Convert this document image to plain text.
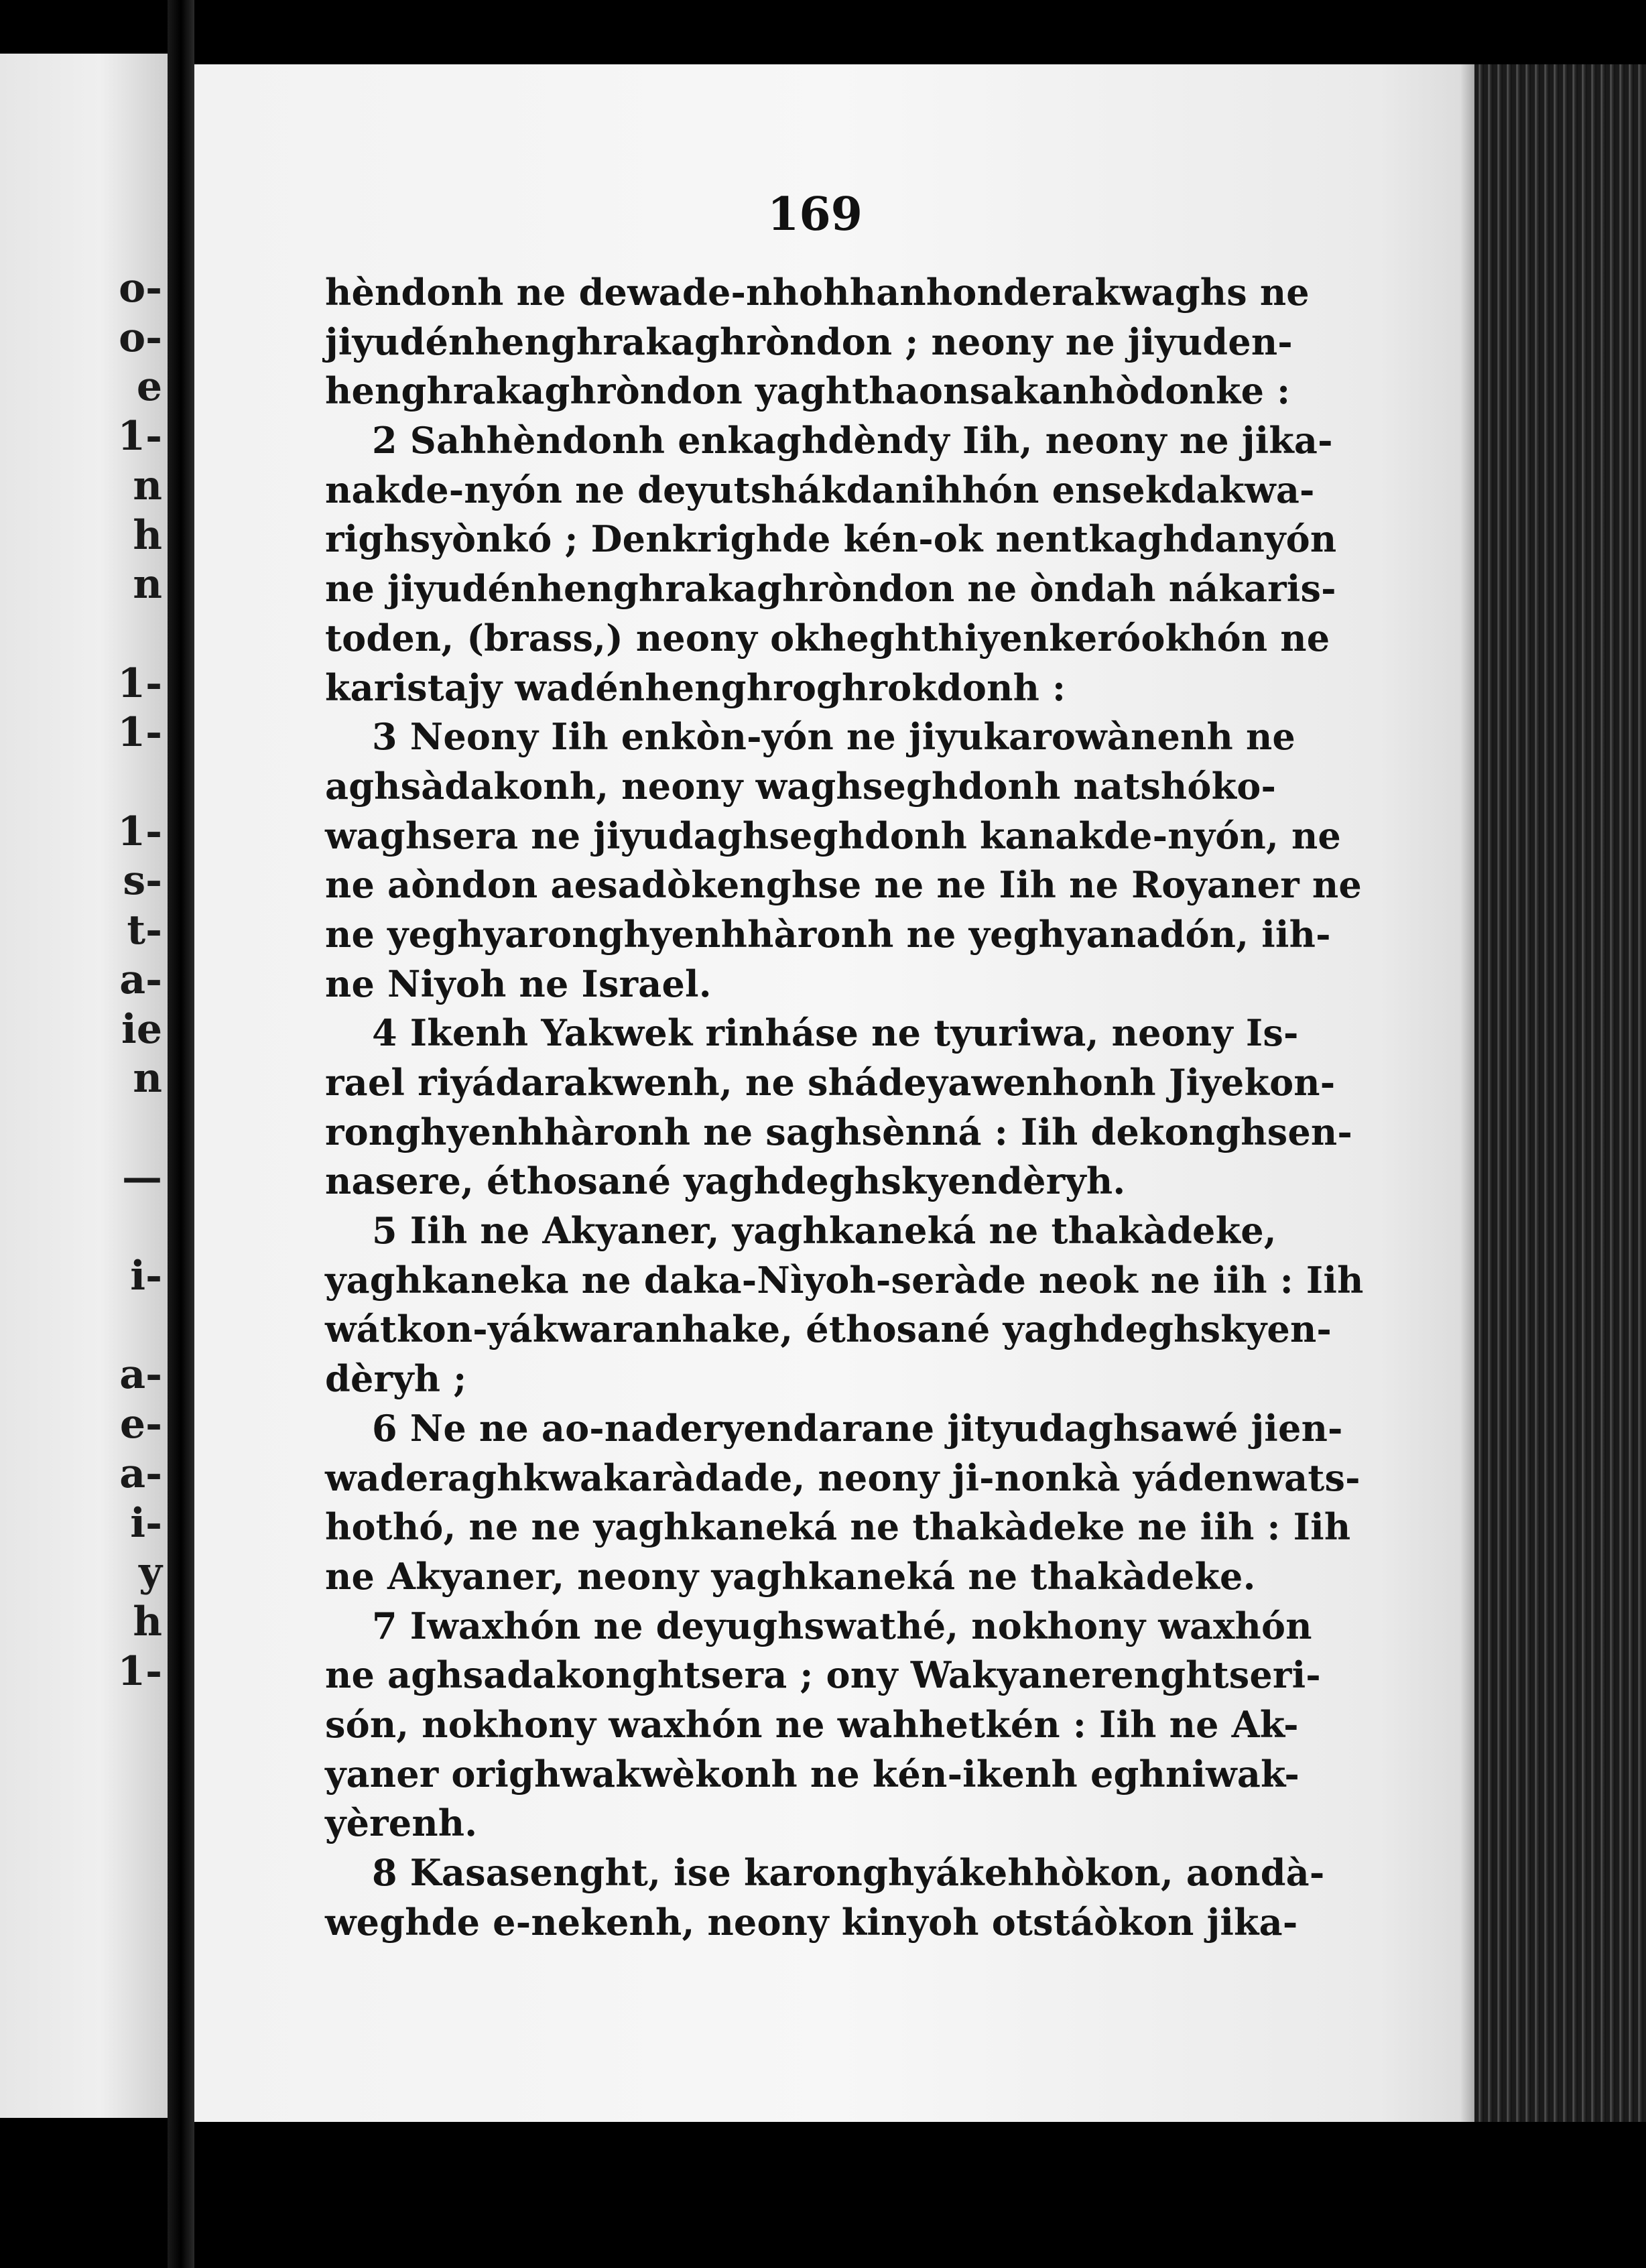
o-
o-
e
1-
n
h
n
1-
1-
1-
s-
t-
a-
ie
n
—
i-
a-
e-
a-
i-
y
h
1-
169
hèndonh ne dewade-nhohhanhonderakwaghs ne
jiyudénhenghrakaghròndon ; neony ne jiyuden-
henghrakaghròndon yaghthaonsakanhòdonke :
2 Sahhèndonh enkaghdèndy Iih, neony ne jika-
nakde-nyón ne deyutshákdanihhón ensekdakwa-
righsyònkó ; Denkrighde kén-ok nentkaghdanyón
ne jiyudénhenghrakaghròndon ne òndah nákaris-
toden, (brass,) neony okheghthiyenkeróokhón ne
karistajy wadénhenghroghrokdonh :
3 Neony Iih enkòn-yón ne jiyukarowànenh ne
aghsàdakonh, neony waghseghdonh natshóko-
waghsera ne jiyudaghseghdonh kanakde-nyón, ne
ne aòndon aesadòkenghse ne ne Iih ne Royaner ne
ne yeghyaronghyenhhàronh ne yeghyanadón, iih-
ne Niyoh ne Israel.
4 Ikenh Yakwek rinháse ne tyuriwa, neony Is-
rael riyádarakwenh, ne shádeyawenhonh Jiyekon-
ronghyenhhàronh ne saghsènná : Iih dekonghsen-
nasere, éthosané yaghdeghskyendèryh.
5 Iih ne Akyaner, yaghkaneká ne thakàdeke,
yaghkaneka ne daka-Nìyoh-seràde neok ne iih : Iih
wátkon-yákwaranhake, éthosané yaghdeghskyen-
dèryh ;
6 Ne ne ao-naderyendarane jityudaghsawé jien-
waderaghkwakaràdade, neony ji-nonkà yádenwats-
hothó, ne ne yaghkaneká ne thakàdeke ne iih : Iih
ne Akyaner, neony yaghkaneká ne thakàdeke.
7 Iwaxhón ne deyughswathé, nokhony waxhón
ne aghsadakonghtsera ; ony Wakyanerenghtseri-
són, nokhony waxhón ne wahhetkén : Iih ne Ak-
yaner orighwakwèkonh ne kén-ikenh eghniwak-
yèrenh.
8 Kasasenght, ise karonghyákehhòkon, aondà-
weghde e-nekenh, neony kinyoh otstáòkon jika-
